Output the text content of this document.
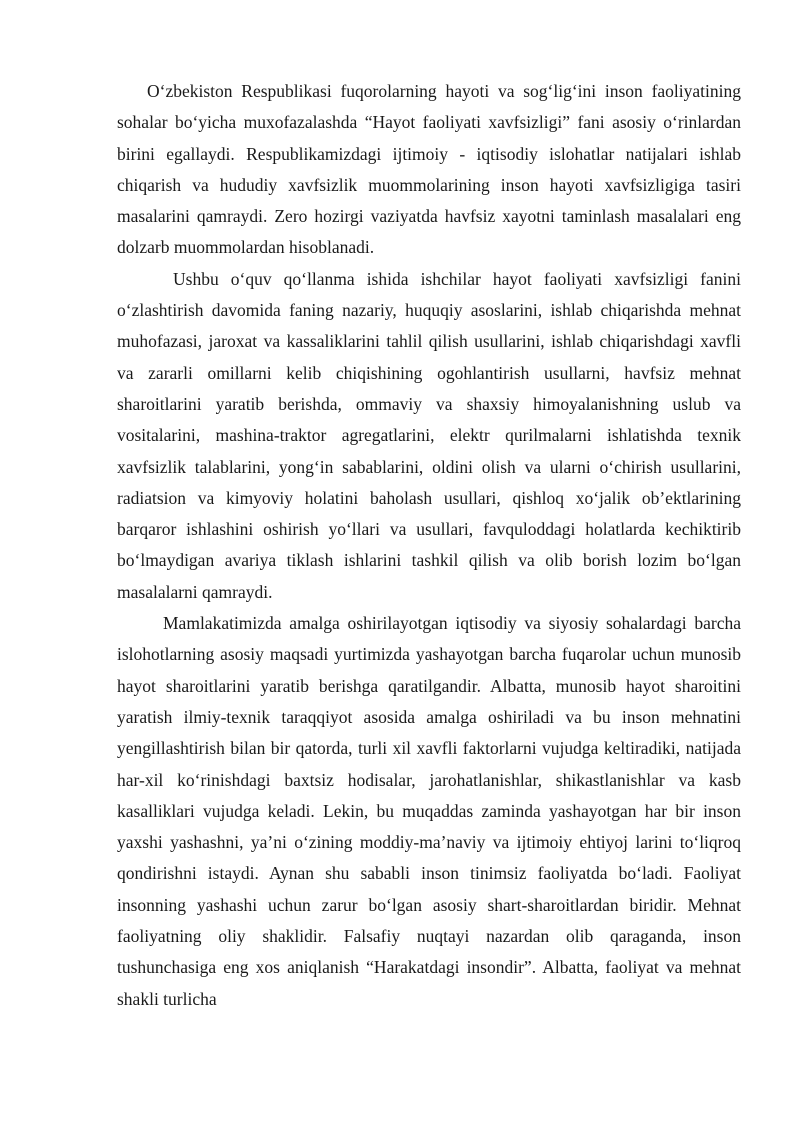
O‘zbekiston Respublikasi fuqorolarning hayoti va sog‘lig‘ini inson faoliyatining sohalar bo‘yicha muxofazalashda “Hayot faoliyati xavfsizligi” fani asosiy o‘rinlardan birini egallaydi. Respublikamizdagi ijtimoiy - iqtisodiy islohatlar natijalari ishlab chiqarish va hududiy xavfsizlik muommolarining inson hayoti xavfsizligiga tasiri masalarini qamraydi. Zero hozirgi vaziyatda havfsiz xayotni taminlash masalalari eng dolzarb muommolardan hisoblanadi.

Ushbu o‘quv qo‘llanma ishida ishchilar hayot faoliyati xavfsizligi fanini o‘zlashtirish davomida faning nazariy, huquqiy asoslarini, ishlab chiqarishda mehnat muhofazasi, jaroxat va kassaliklarini tahlil qilish usullarini, ishlab chiqarishdagi xavfli va zararli omillarni kelib chiqishining ogohlantirish usullarni, havfsiz mehnat sharoitlarini yaratib berishda, ommaviy va shaxsiy himoyalanishning uslub va vositalarini, mashina-traktor agregatlarini, elektr qurilmalarni ishlatishda texnik xavfsizlik talablarini, yong‘in sabablarini, oldini olish va ularni o‘chirish usullarini, radiatsion va kimyoviy holatini baholash usullari, qishloq xo‘jalik ob’ektlarining barqaror ishlashini oshirish yo‘llari va usullari, favquloddagi holatlarda kechiktirib bo‘lmaydigan avariya tiklash ishlarini tashkil qilish va olib borish lozim bo‘lgan masalalarni qamraydi.

Mamlakatimizda amalga oshirilayotgan iqtisodiy va siyosiy sohalardagi barcha islohotlarning asosiy maqsadi yurtimizda yashayotgan barcha fuqarolar uchun munosib hayot sharoitlarini yaratib berishga qaratilgandir. Albatta, munosib hayot sharoitini yaratish ilmiy-texnik taraqqiyot asosida amalga oshiriladi va bu inson mehnatini yengillashtirish bilan bir qatorda, turli xil xavfli faktorlarni vujudga keltiradiki, natijada har-xil ko‘rinishdagi baxtsiz hodisalar, jarohatlanishlar, shikastlanishlar va kasb kasalliklari vujudga keladi. Lekin, bu muqaddas zaminda yashayotgan har bir inson yaxshi yashashni, ya’ni o‘zining moddiy-ma’naviy va ijtimoiy ehtiyoj larini to‘liqroq qondirishni istaydi. Aynan shu sababli inson tinimsiz faoliyatda bo‘ladi. Faoliyat insonning yashashi uchun zarur bo‘lgan asosiy shart-sharoitlardan biridir. Mehnat faoliyatning oliy shaklidir. Falsafiy nuqtayi nazardan olib qaraganda, inson tushunchasiga eng xos aniqlanish “Harakatdagi insondir”. Albatta, faoliyat va mehnat shakli turlicha
